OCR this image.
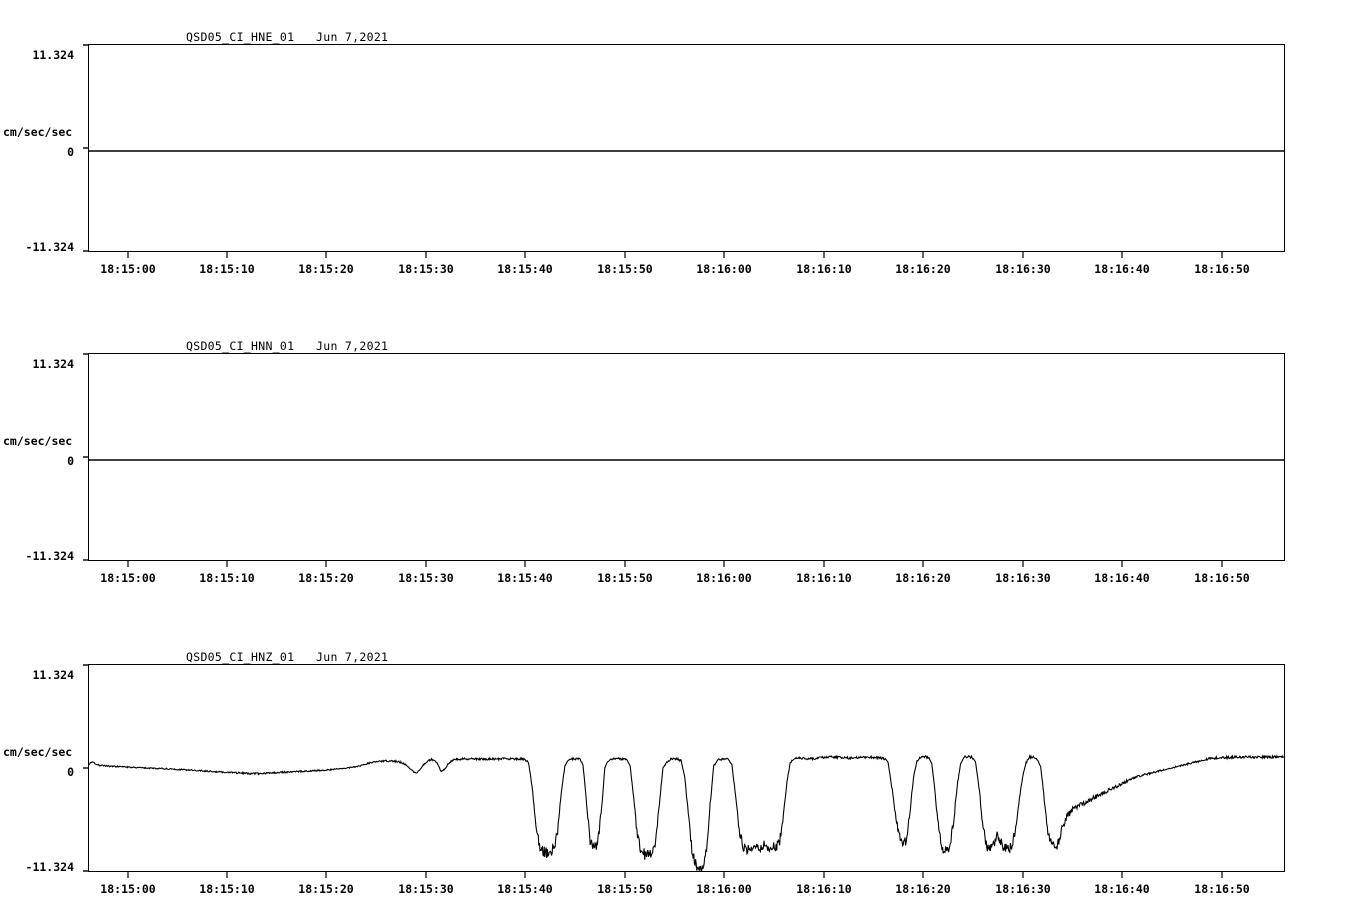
QSD05_CI_HNE_01   Jun 7,2021
11.324
0
-11.324
cm/sec/sec
18:15:00	18:15:10	18:15:20	18:15:30	18:15:40	18:15:50	18:16:00	18:16:10	18:16:20	18:16:30	18:16:40	18:16:50
QSD05_CI_HNN_01   Jun 7,2021
11.324
0
-11.324
cm/sec/sec
18:15:00	18:15:10	18:15:20	18:15:30	18:15:40	18:15:50	18:16:00	18:16:10	18:16:20	18:16:30	18:16:40	18:16:50
QSD05_CI_HNZ_01   Jun 7,2021
11.324
0
-11.324
cm/sec/sec
18:15:00	18:15:10	18:15:20	18:15:30	18:15:40	18:15:50	18:16:00	18:16:10	18:16:20	18:16:30	18:16:40	18:16:50
